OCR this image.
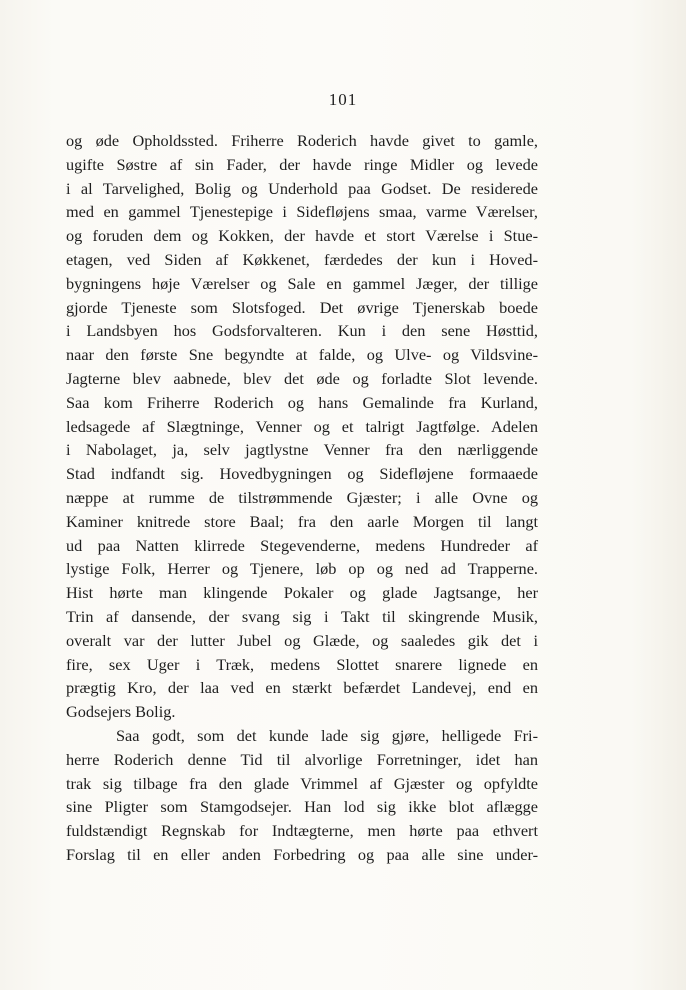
101
og øde Opholdssted. Friherre Roderich havde givet to gamle,
ugifte Søstre af sin Fader, der havde ringe Midler og levede
i al Tarvelighed, Bolig og Underhold paa Godset. De residerede
med en gammel Tjenestepige i Sidefløjens smaa, varme Værelser,
og foruden dem og Kokken, der havde et stort Værelse i Stue-
etagen, ved Siden af Køkkenet, færdedes der kun i Hoved-
bygningens høje Værelser og Sale en gammel Jæger, der tillige
gjorde Tjeneste som Slotsfoged. Det øvrige Tjenerskab boede
i Landsbyen hos Godsforvalteren. Kun i den sene Høsttid,
naar den første Sne begyndte at falde, og Ulve- og Vildsvine-
Jagterne blev aabnede, blev det øde og forladte Slot levende.
Saa kom Friherre Roderich og hans Gemalinde fra Kurland,
ledsagede af Slægtninge, Venner og et talrigt Jagtfølge. Adelen
i Nabolaget, ja, selv jagtlystne Venner fra den nærliggende
Stad indfandt sig. Hovedbygningen og Sidefløjene formaaede
næppe at rumme de tilstrømmende Gjæster; i alle Ovne og
Kaminer knitrede store Baal; fra den aarle Morgen til langt
ud paa Natten klirrede Stegevenderne, medens Hundreder af
lystige Folk, Herrer og Tjenere, løb op og ned ad Trapperne.
Hist hørte man klingende Pokaler og glade Jagtsange, her
Trin af dansende, der svang sig i Takt til skingrende Musik,
overalt var der lutter Jubel og Glæde, og saaledes gik det i
fire, sex Uger i Træk, medens Slottet snarere lignede en
prægtig Kro, der laa ved en stærkt befærdet Landevej, end en
Godsejers Bolig.
Saa godt, som det kunde lade sig gjøre, helligede Fri-
herre Roderich denne Tid til alvorlige Forretninger, idet han
trak sig tilbage fra den glade Vrimmel af Gjæster og opfyldte
sine Pligter som Stamgodsejer. Han lod sig ikke blot aflægge
fuldstændigt Regnskab for Indtægterne, men hørte paa ethvert
Forslag til en eller anden Forbedring og paa alle sine under-
